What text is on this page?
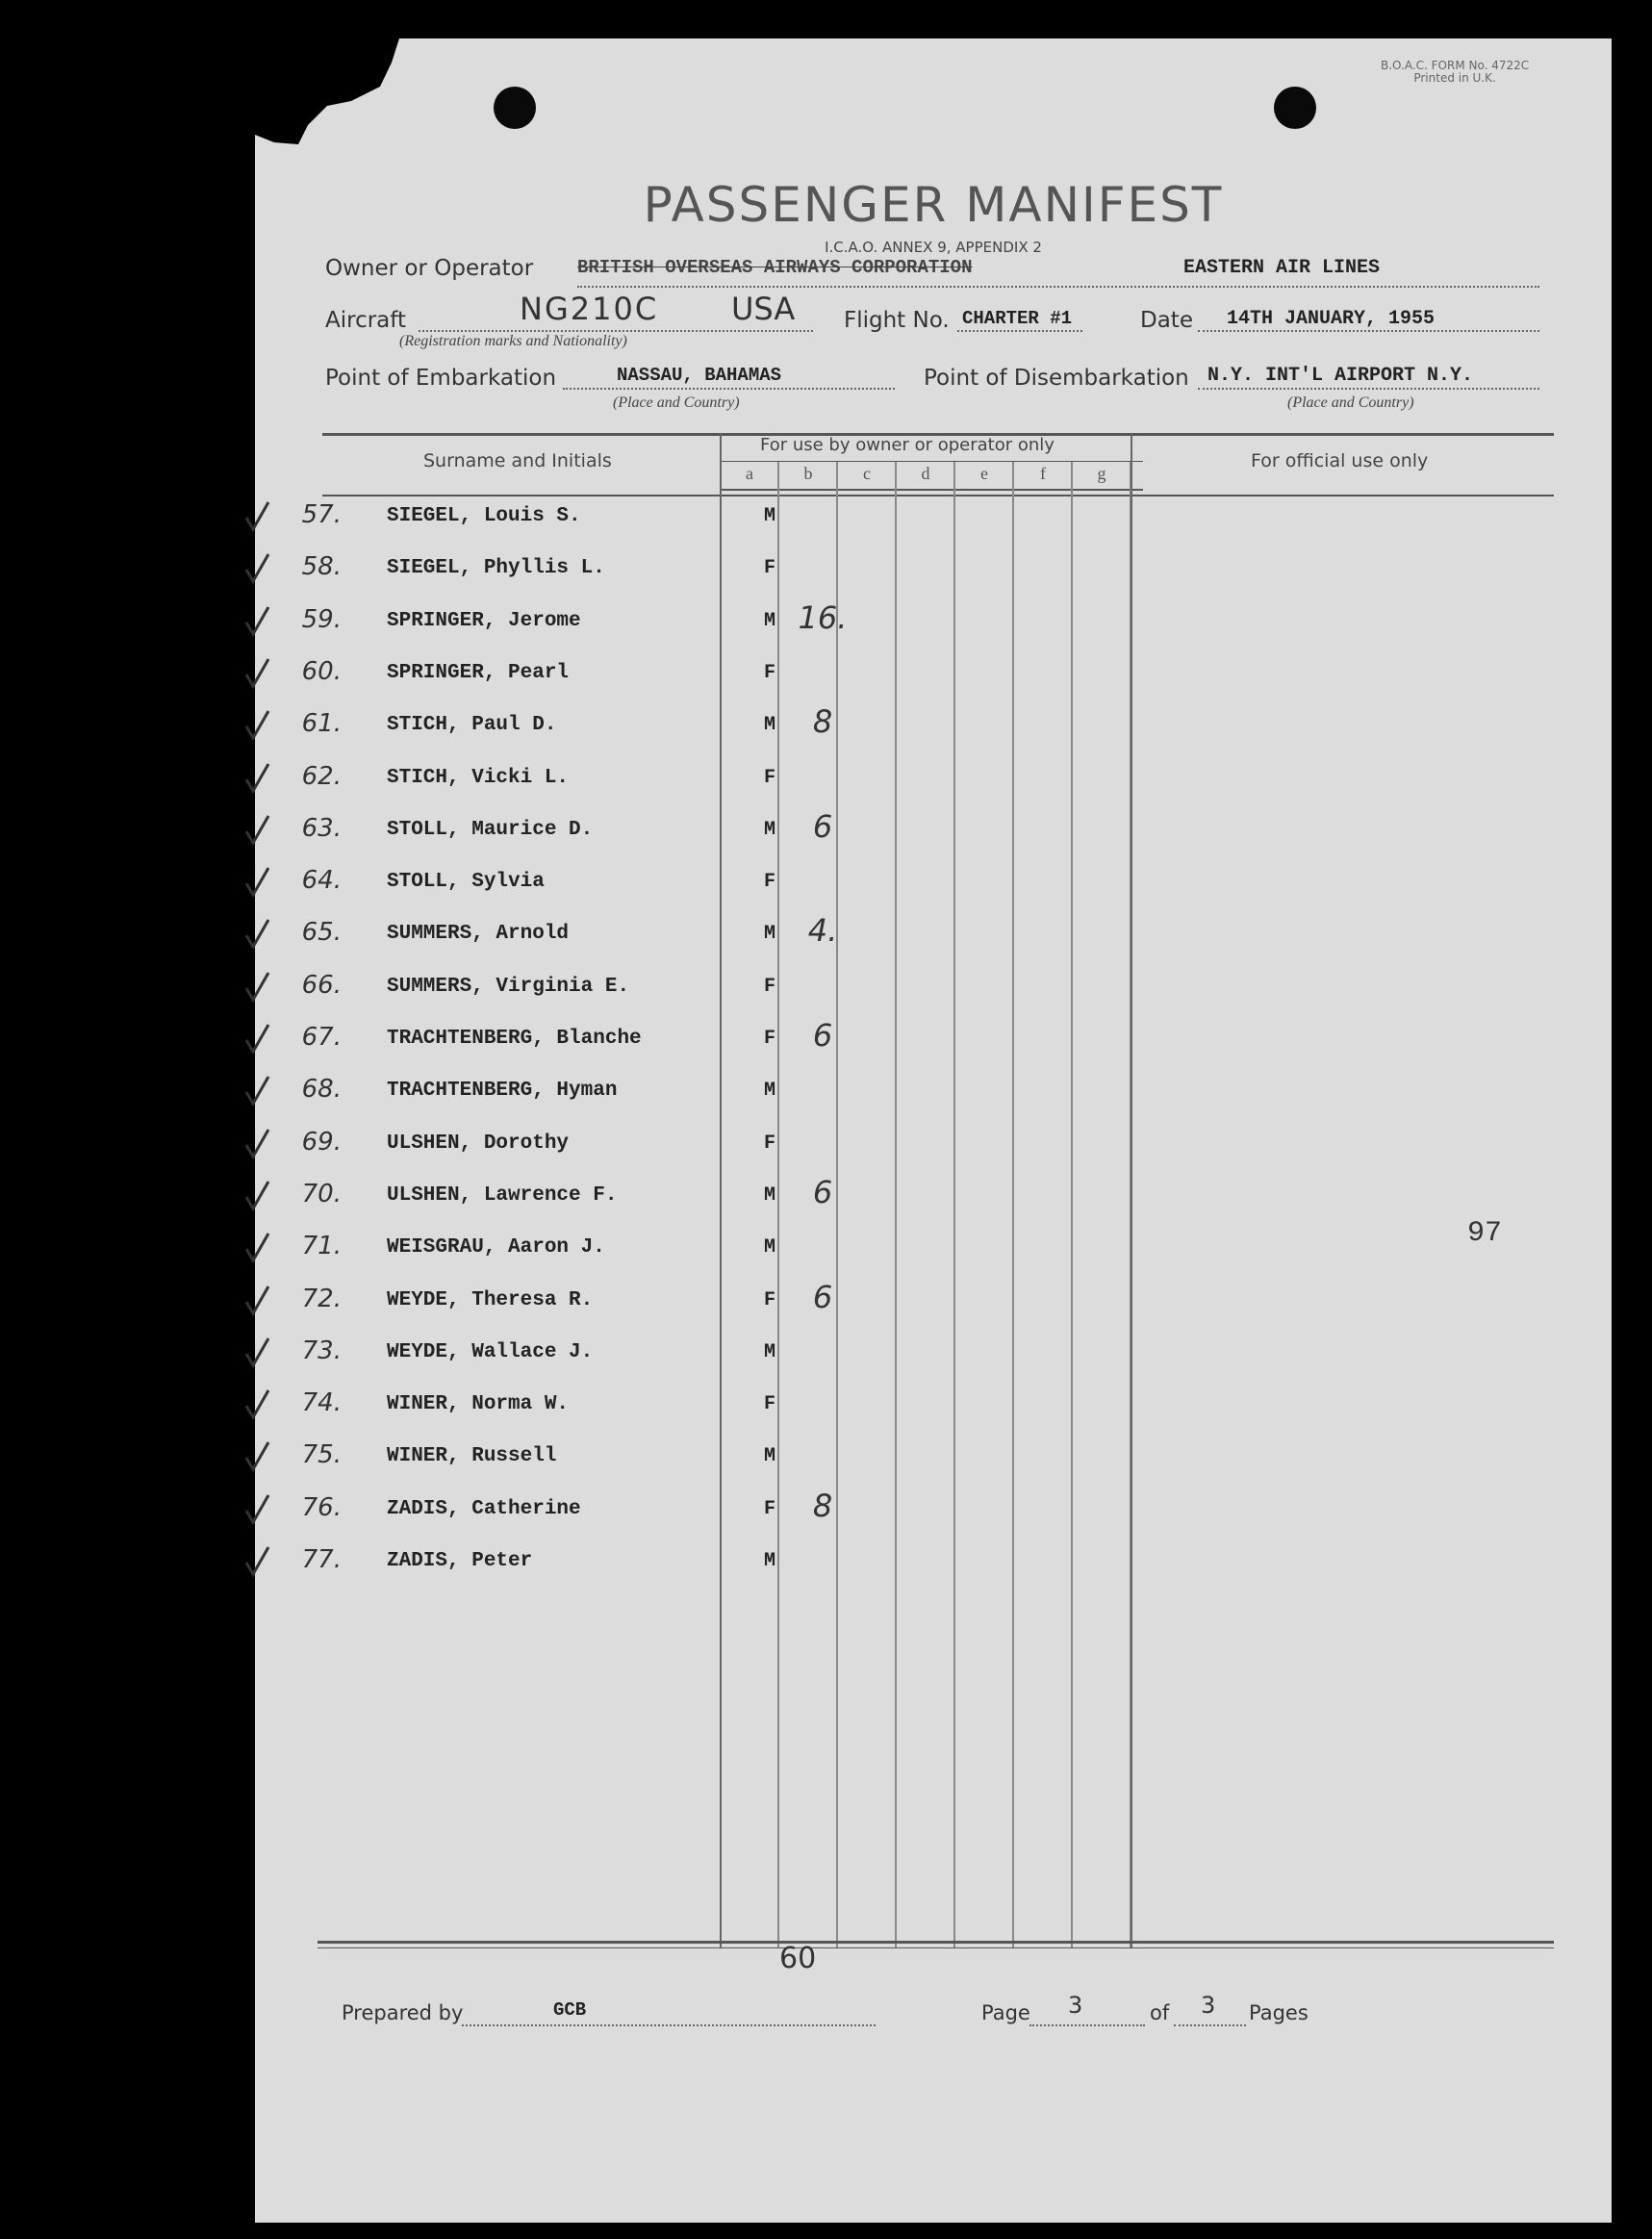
B.O.A.C. FORM No. 4722C
Printed in U.K.
PASSENGER MANIFEST
I.C.A.O. ANNEX 9, APPENDIX 2
Owner or Operator BRITISH OVERSEAS AIRWAYS CORPORATION	EASTERN AIR LINES
Aircraft	NG210C USA
(Registration marks and Nationality)
Flight No. CHARTER #1	Date 14TH JANUARY, 1955
Point of Embarkation	NASSAU, BAHAMAS
(Place and Country)
Point of Disembarkation N.Y. INT'L AIRPORT N.Y.
(Place and Country)
Surname and Initials
For use by owner or operator only
For official use only
a	b	c	d	e	f	g
57. SIEGEL, Louis S.	M
58. SIEGEL, Phyllis L.	F
59. SPRINGER, Jerome	M 16.
60. SPRINGER, Pearl	F
61. STICH, Paul D.	M	8
62. STICH, Vicki L.	F
63. STOLL, Maurice D.	M	6
64. STOLL, Sylvia	F
65. SUMMERS, Arnold	M	4.
66. SUMMERS, Virginia E.	F
67. TRACHTENBERG, Blanche	F	6
68. TRACHTENBERG, Hyman	M
69. ULSHEN, Dorothy	F
70. ULSHEN, Lawrence F.	M	6
71. WEISGRAU, Aaron J.	M
72. WEYDE, Theresa R.	F	6
73. WEYDE, Wallace J.	M
74. WINER, Norma W.	F
75. WINER, Russell	M
76. ZADIS, Catherine	F	8
77. ZADIS, Peter	M
97
60
Prepared by	GCB	Page 3	of 3 Pages
